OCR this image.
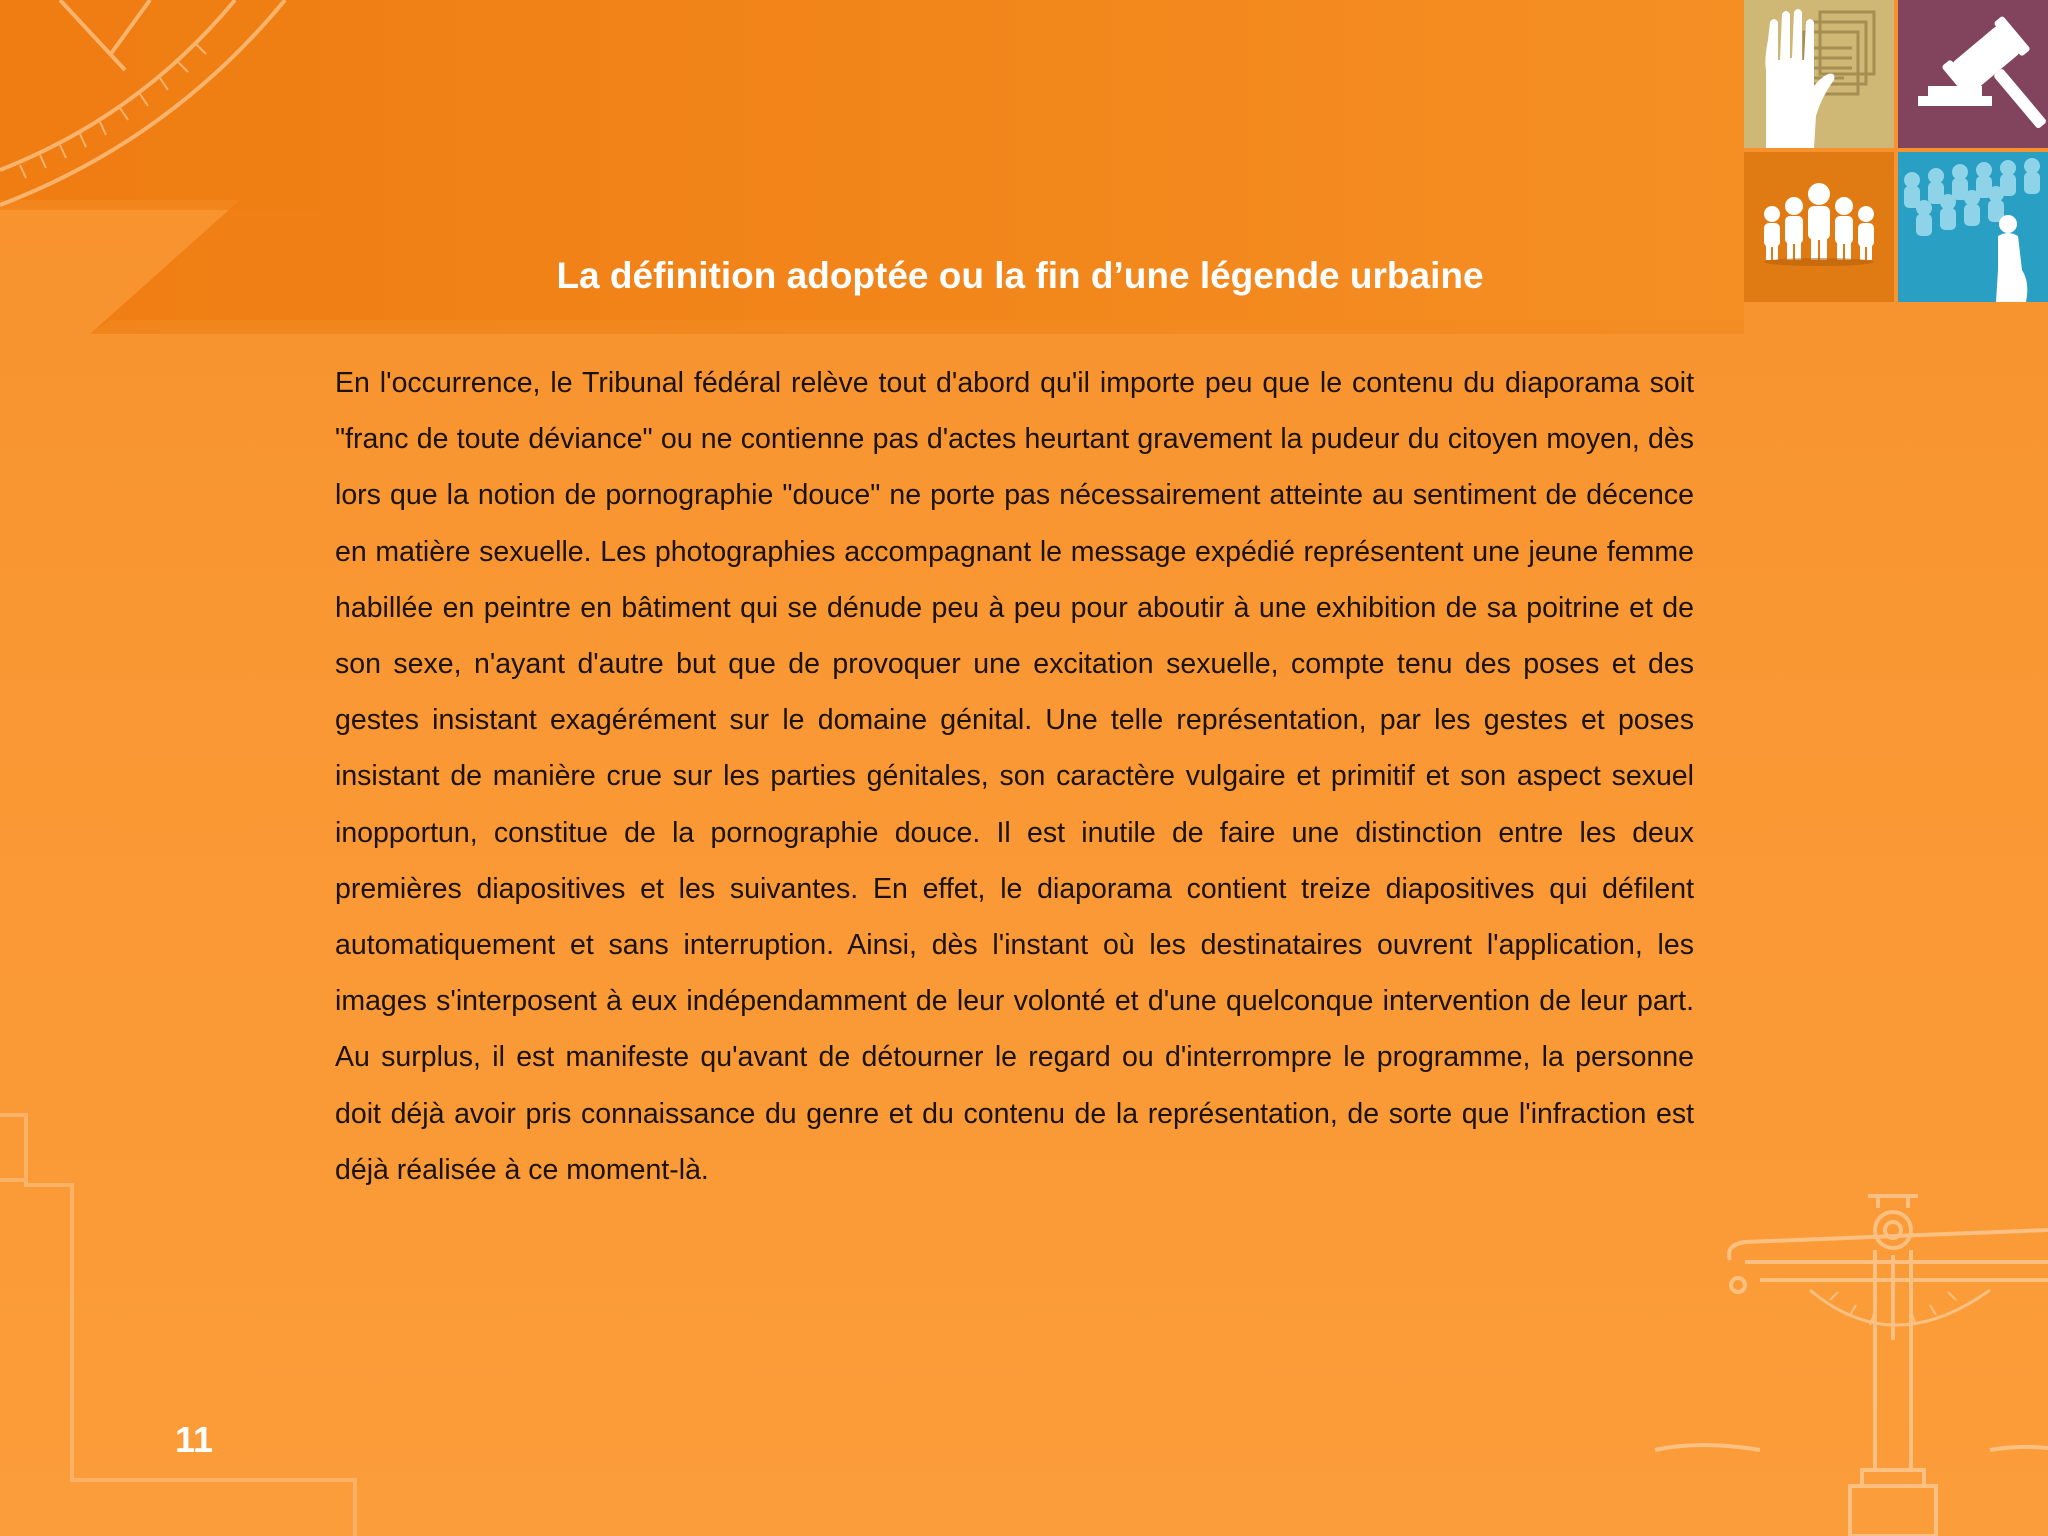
La définition adoptée ou la fin d’une légende urbaine

En l'occurrence, le Tribunal fédéral relève tout d'abord qu'il importe peu que le contenu du diaporama soit "franc de toute déviance" ou ne contienne pas d'actes heurtant gravement la pudeur du citoyen moyen, dès lors que la notion de pornographie "douce" ne porte pas nécessairement atteinte au sentiment de décence en matière sexuelle. Les photographies accompagnant le message expédié représentent une jeune femme habillée en peintre en bâtiment qui se dénude peu à peu pour aboutir à une exhibition de sa poitrine et de son sexe, n'ayant d'autre but que de provoquer une excitation sexuelle, compte tenu des poses et des gestes insistant exagérément sur le domaine génital. Une telle représentation, par les gestes et poses insistant de manière crue sur les parties génitales, son caractère vulgaire et primitif et son aspect sexuel inopportun, constitue de la pornographie douce. Il est inutile de faire une distinction entre les deux premières diapositives et les suivantes. En effet, le diaporama contient treize diapositives qui défilent automatiquement et sans interruption. Ainsi, dès l'instant où les destinataires ouvrent l'application, les images s'interposent à eux indépendamment de leur volonté et d'une quelconque intervention de leur part. Au surplus, il est manifeste qu'avant de détourner le regard ou d'interrompre le programme, la personne doit déjà avoir pris connaissance du genre et du contenu de la représentation, de sorte que l'infraction est déjà réalisée à ce moment-là.

11
